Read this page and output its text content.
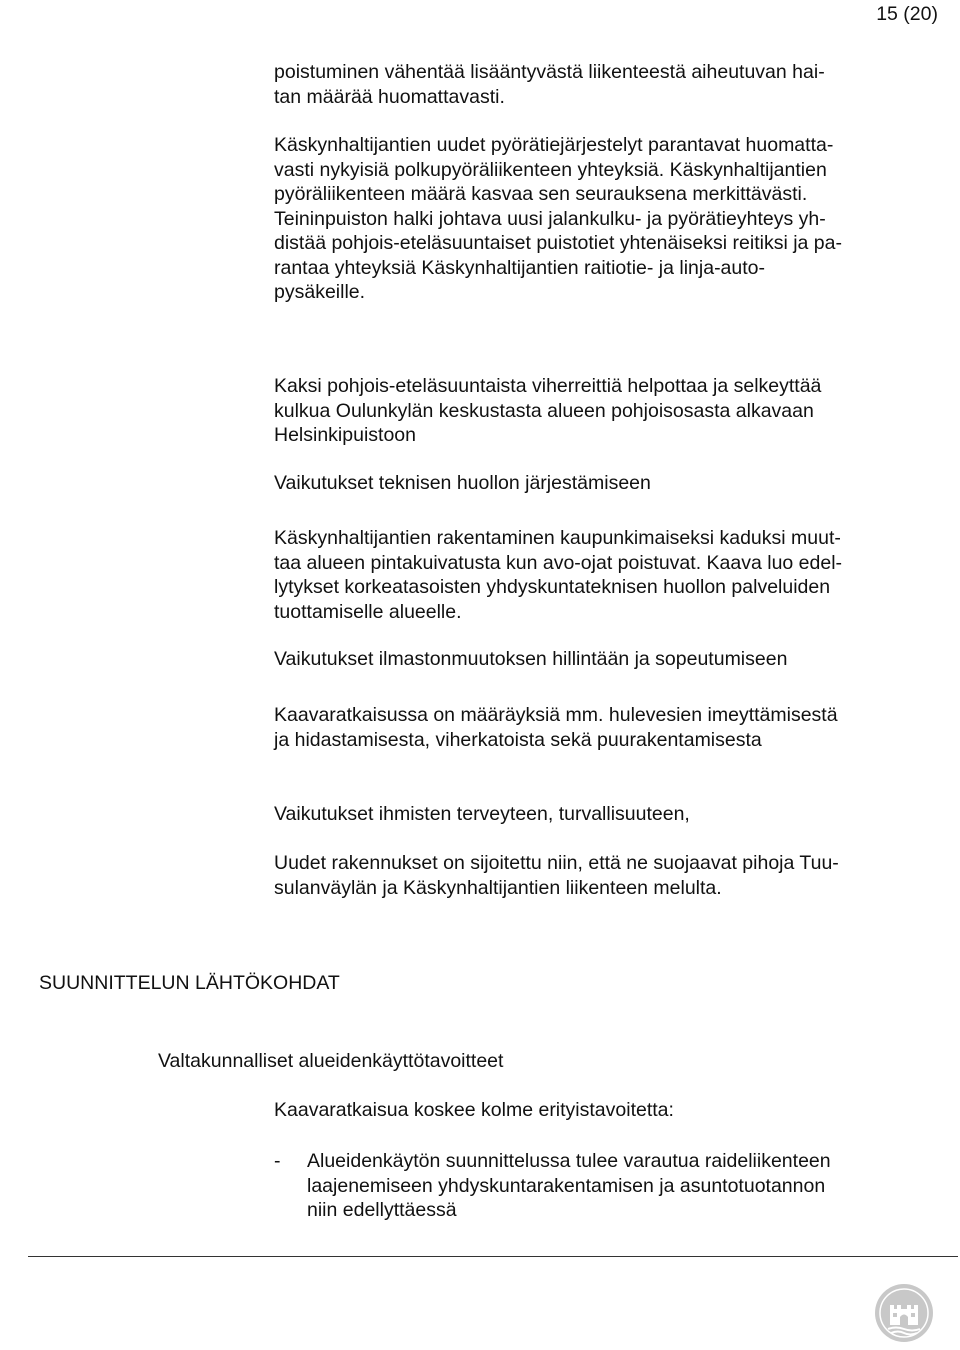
15 (20)
poistuminen vähentää lisääntyvästä liikenteestä aiheutuvan hai-
tan määrää huomattavasti.
Käskynhaltijantien uudet pyörätiejärjestelyt parantavat huomatta-
vasti nykyisiä polkupyöräliikenteen yhteyksiä. Käskynhaltijantien
pyöräliikenteen määrä kasvaa sen seurauksena merkittävästi.
Teininpuiston halki johtava uusi jalankulku- ja pyörätieyhteys yh-
distää pohjois-eteläsuuntaiset puistotiet yhtenäiseksi reitiksi ja pa-
rantaa yhteyksiä Käskynhaltijantien raitiotie- ja linja-auto-
pysäkeille.
Kaksi pohjois-eteläsuuntaista viherreittiä helpottaa ja selkeyttää
kulkua Oulunkylän keskustasta alueen pohjoisosasta alkavaan
Helsinkipuistoon
Vaikutukset teknisen huollon järjestämiseen
Käskynhaltijantien rakentaminen kaupunkimaiseksi kaduksi muut-
taa alueen pintakuivatusta kun avo-ojat poistuvat. Kaava luo edel-
lytykset korkeatasoisten yhdyskuntateknisen huollon palveluiden
tuottamiselle alueelle.
Vaikutukset ilmastonmuutoksen hillintään ja sopeutumiseen
Kaavaratkaisussa on määräyksiä mm. hulevesien imeyttämisestä
ja hidastamisesta, viherkatoista sekä puurakentamisesta
Vaikutukset ihmisten terveyteen, turvallisuuteen,
Uudet rakennukset on sijoitettu niin, että ne suojaavat pihoja Tuu-
sulanväylän ja Käskynhaltijantien liikenteen melulta.
SUUNNITTELUN LÄHTÖKOHDAT
Valtakunnalliset alueidenkäyttötavoitteet
Kaavaratkaisua koskee kolme erityistavoitetta:
- Alueidenkäytön suunnittelussa tulee varautua raideliikenteen
laajenemiseen yhdyskuntarakentamisen ja asuntotuotannon
niin edellyttäessä
